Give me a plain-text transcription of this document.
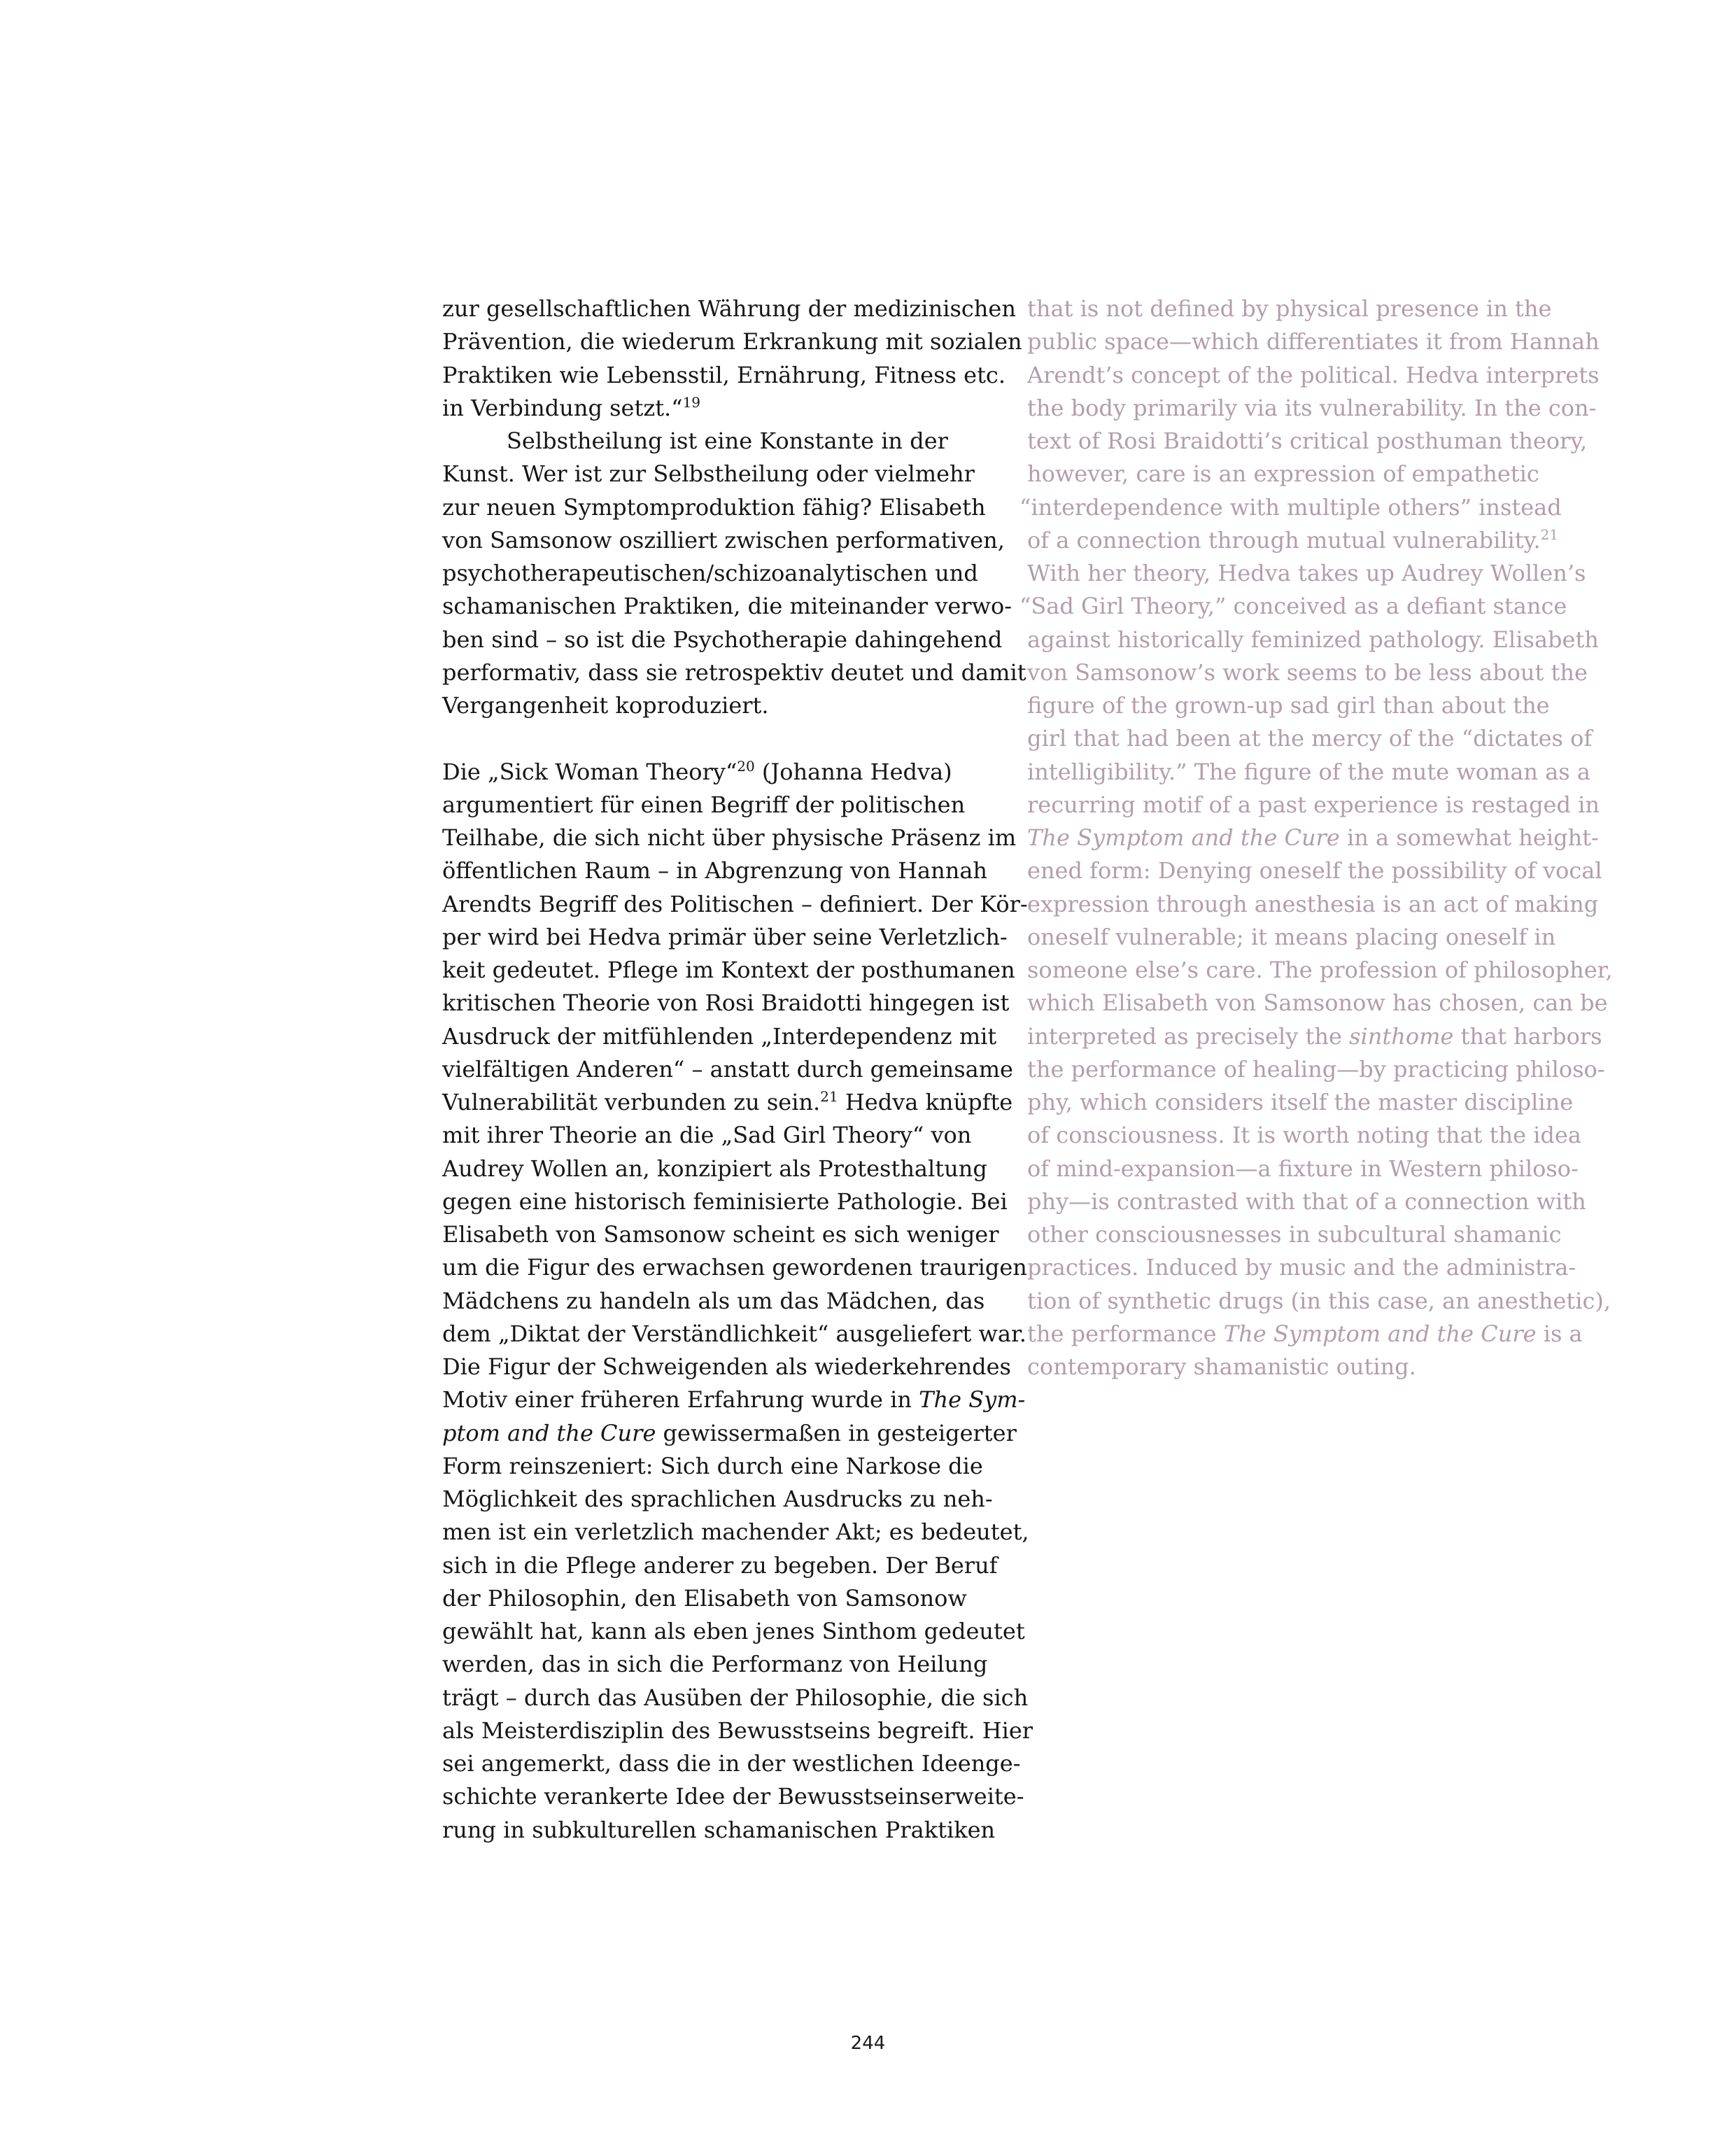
zur gesellschaftlichen Währung der medizinischen
Prävention, die wiederum Erkrankung mit sozialen
Praktiken wie Lebensstil, Ernährung, Fitness etc.
in Verbindung setzt.“$^{19}$
Selbstheilung ist eine Konstante in der
Kunst. Wer ist zur Selbstheilung oder vielmehr
zur neuen Symptomproduktion fähig? Elisabeth
von Samsonow oszilliert zwischen performativen,
psychotherapeutischen/schizoanalytischen und
schamanischen Praktiken, die miteinander verwo-
ben sind – so ist die Psychotherapie dahingehend
performativ, dass sie retrospektiv deutet und damit
Vergangenheit koproduziert.
Die „Sick Woman Theory“$^{20}$ (Johanna Hedva)
argumentiert für einen Begriff der politischen
Teilhabe, die sich nicht über physische Präsenz im
öffentlichen Raum – in Abgrenzung von Hannah
Arendts Begriff des Politischen – definiert. Der Kör-
per wird bei Hedva primär über seine Verletzlich-
keit gedeutet. Pflege im Kontext der posthumanen
kritischen Theorie von Rosi Braidotti hingegen ist
Ausdruck der mitfühlenden „Interdependenz mit
vielfältigen Anderen“ – anstatt durch gemeinsame
Vulnerabilität verbunden zu sein.$^{21}$ Hedva knüpfte
mit ihrer Theorie an die „Sad Girl Theory“ von
Audrey Wollen an, konzipiert als Protesthaltung
gegen eine historisch feminisierte Pathologie. Bei
Elisabeth von Samsonow scheint es sich weniger
um die Figur des erwachsen gewordenen traurigen
Mädchens zu handeln als um das Mädchen, das
dem „Diktat der Verständlichkeit“ ausgeliefert war.
Die Figur der Schweigenden als wiederkehrendes
Motiv einer früheren Erfahrung wurde in The Sym-
ptom and the Cure gewissermaßen in gesteigerter
Form reinszeniert: Sich durch eine Narkose die
Möglichkeit des sprachlichen Ausdrucks zu neh-
men ist ein verletzlich machender Akt; es bedeutet,
sich in die Pflege anderer zu begeben. Der Beruf
der Philosophin, den Elisabeth von Samsonow
gewählt hat, kann als eben jenes Sinthom gedeutet
werden, das in sich die Performanz von Heilung
trägt – durch das Ausüben der Philosophie, die sich
als Meisterdisziplin des Bewusstseins begreift. Hier
sei angemerkt, dass die in der westlichen Ideenge-
schichte verankerte Idee der Bewusstseinserweite-
rung in subkulturellen schamanischen Praktiken
that is not defined by physical presence in the
public space—which differentiates it from Hannah
Arendt’s concept of the political. Hedva interprets
the body primarily via its vulnerability. In the con-
text of Rosi Braidotti’s critical posthuman theory,
however, care is an expression of empathetic
“interdependence with multiple others” instead
of a connection through mutual vulnerability.$^{21}$
With her theory, Hedva takes up Audrey Wollen’s
“Sad Girl Theory,” conceived as a defiant stance
against historically feminized pathology. Elisabeth
von Samsonow’s work seems to be less about the
figure of the grown-up sad girl than about the
girl that had been at the mercy of the “dictates of
intelligibility.” The figure of the mute woman as a
recurring motif of a past experience is restaged in
The Symptom and the Cure in a somewhat height-
ened form: Denying oneself the possibility of vocal
expression through anesthesia is an act of making
oneself vulnerable; it means placing oneself in
someone else’s care. The profession of philosopher,
which Elisabeth von Samsonow has chosen, can be
interpreted as precisely the sinthome that harbors
the performance of healing—by practicing philoso-
phy, which considers itself the master discipline
of consciousness. It is worth noting that the idea
of mind-expansion—a fixture in Western philoso-
phy—is contrasted with that of a connection with
other consciousnesses in subcultural shamanic
practices. Induced by music and the administra-
tion of synthetic drugs (in this case, an anesthetic),
the performance The Symptom and the Cure is a
contemporary shamanistic outing.
244
